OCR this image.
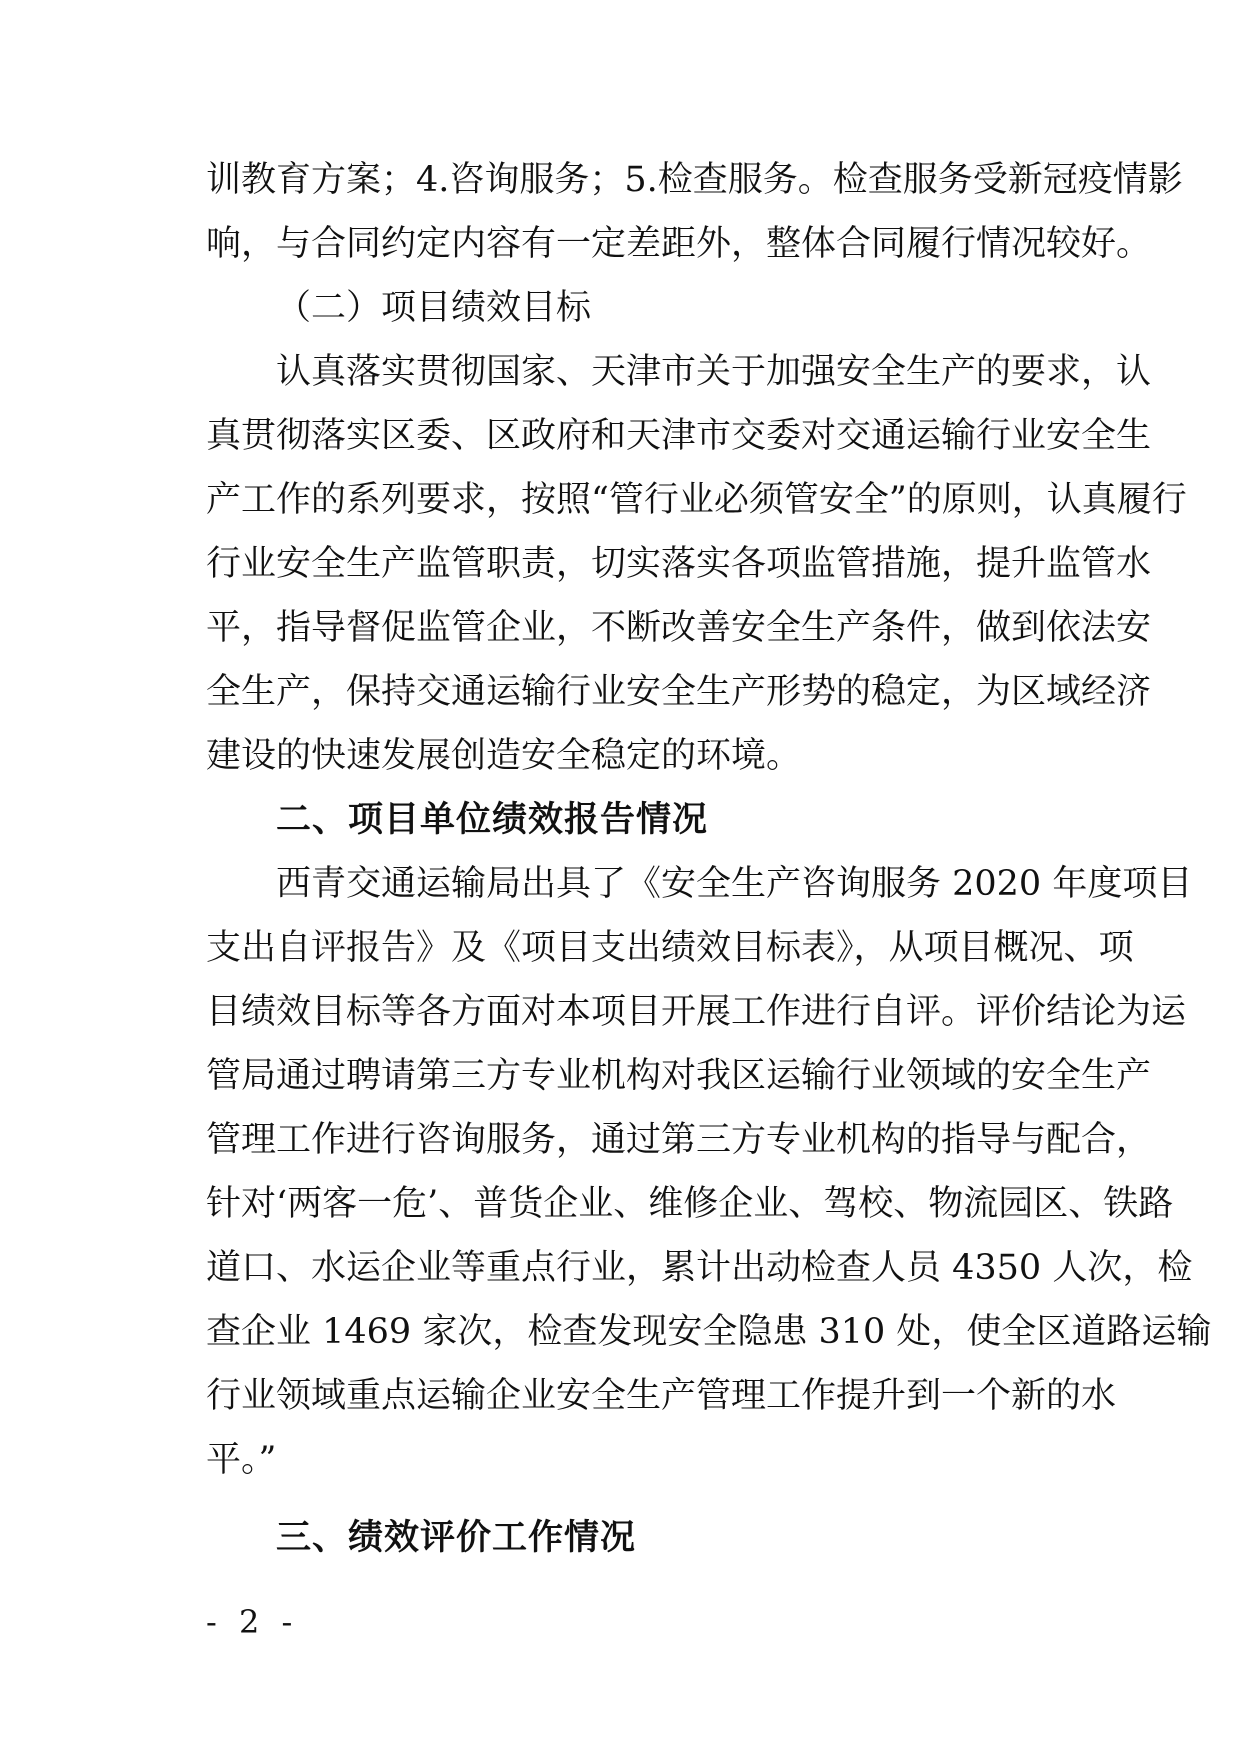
训教育方案；4.咨询服务；5.检查服务。检查服务受新冠疫情影
响，与合同约定内容有一定差距外，整体合同履行情况较好。
（二）项目绩效目标
认真落实贯彻国家、天津市关于加强安全生产的要求，认
真贯彻落实区委、区政府和天津市交委对交通运输行业安全生
产工作的系列要求，按照“管行业必须管安全”的原则，认真履行
行业安全生产监管职责，切实落实各项监管措施，提升监管水
平，指导督促监管企业，不断改善安全生产条件，做到依法安
全生产，保持交通运输行业安全生产形势的稳定，为区域经济
建设的快速发展创造安全稳定的环境。
二、项目单位绩效报告情况
西青交通运输局出具了《安全生产咨询服务 2020 年度项目
支出自评报告》及《项目支出绩效目标表》，从项目概况、项
目绩效目标等各方面对本项目开展工作进行自评。评价结论为运
管局通过聘请第三方专业机构对我区运输行业领域的安全生产
管理工作进行咨询服务，通过第三方专业机构的指导与配合，
针对‘两客一危’、普货企业、维修企业、驾校、物流园区、铁路
道口、水运企业等重点行业，累计出动检查人员 4350 人次，检
查企业 1469 家次，检查发现安全隐患 310 处，使全区道路运输
行业领域重点运输企业安全生产管理工作提升到一个新的水
平。”
三、绩效评价工作情况
- 2 -
